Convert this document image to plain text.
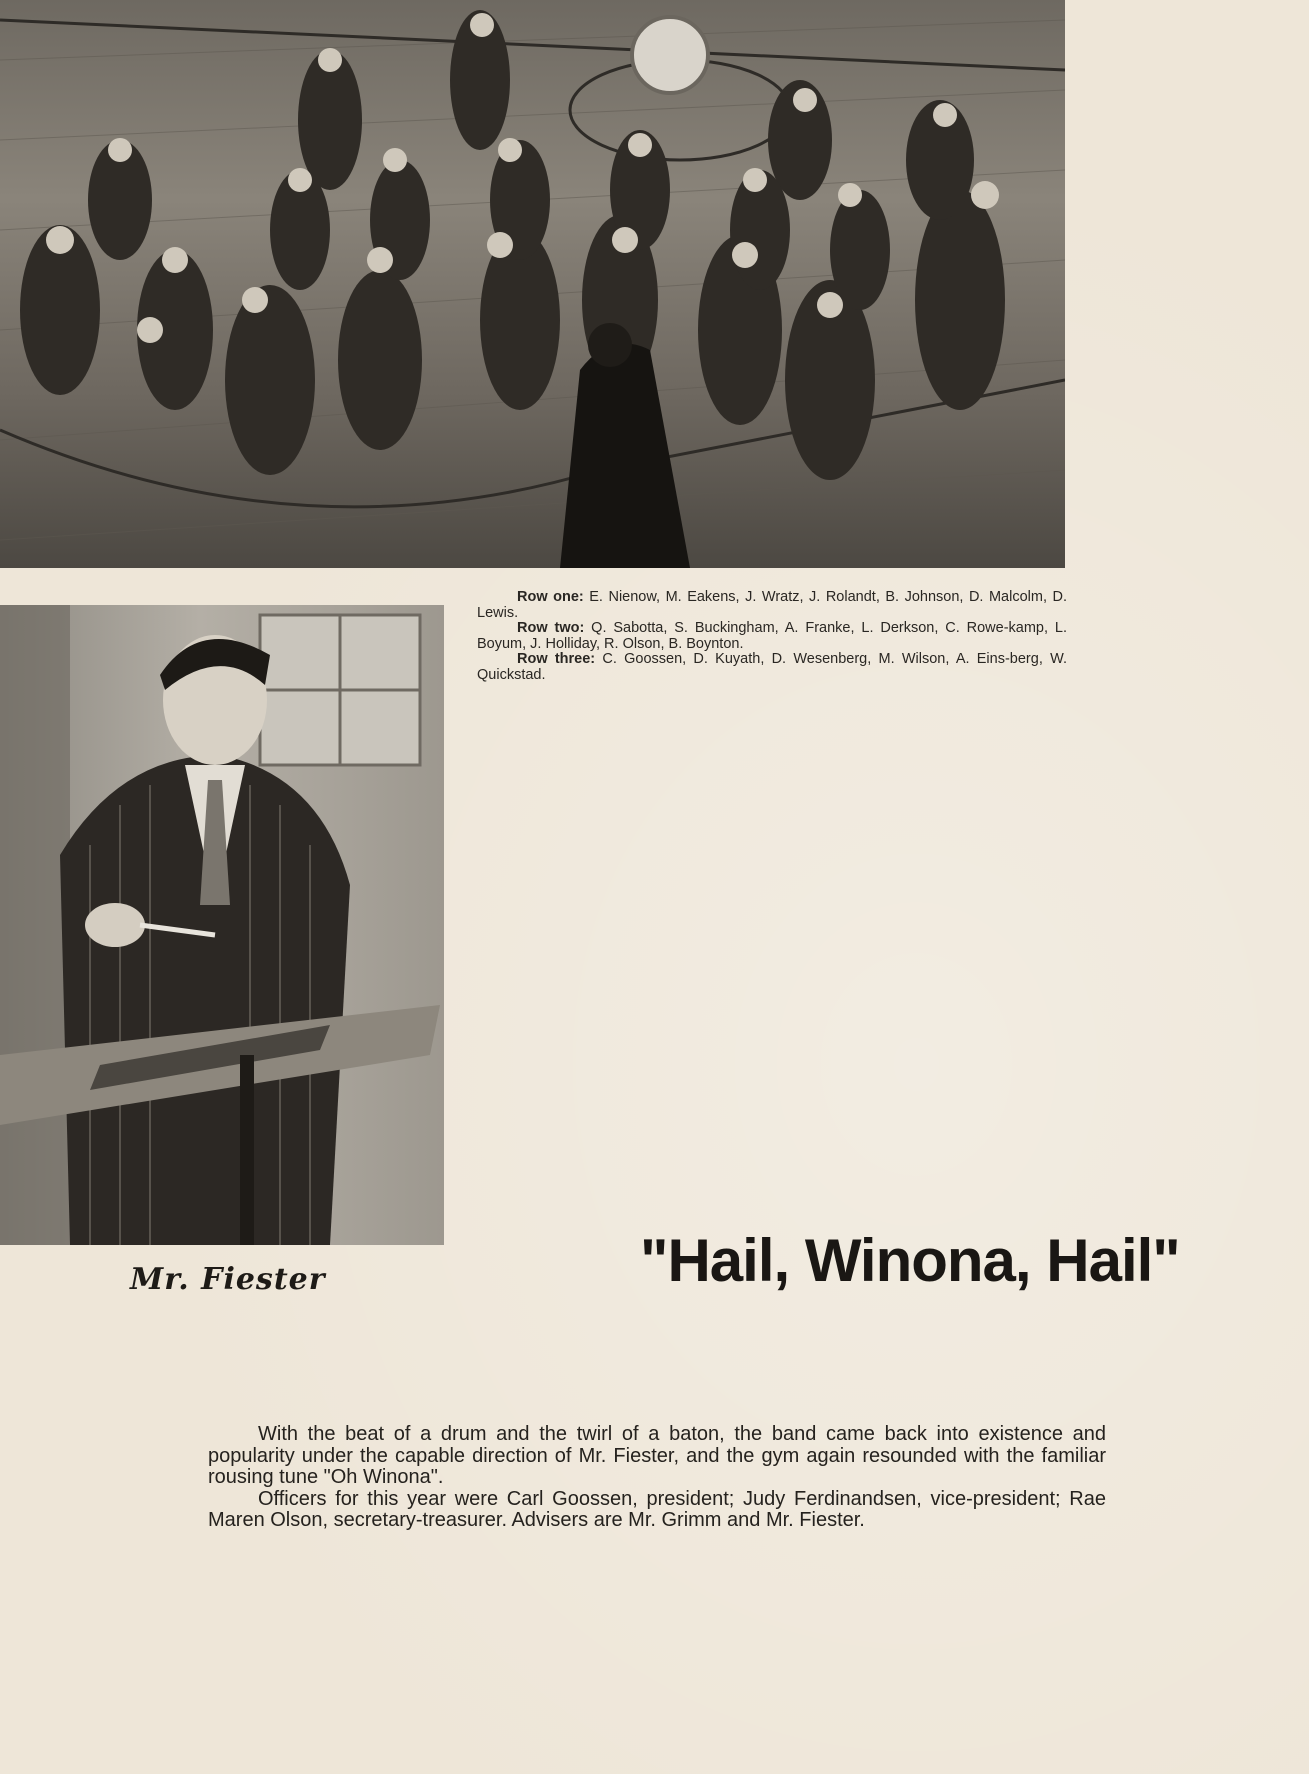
Row one: E. Nienow, M. Eakens, J. Wratz, J. Rolandt, B. Johnson, D. Malcolm, D. Lewis.

Row two: Q. Sabotta, S. Buckingham, A. Franke, L. Derkson, C. Rowe-kamp, L. Boyum, J. Holliday, R. Olson, B. Boynton.

Row three: C. Goossen, D. Kuyath, D. Wesenberg, M. Wilson, A. Eins-berg, W. Quickstad.

Mr. Fiester	"Hail, Winona, Hail"

With the beat of a drum and the twirl of a baton, the band came back into existence and popularity under the capable direction of Mr. Fiester, and the gym again resounded with the familiar rousing tune "Oh Winona".

Officers for this year were Carl Goossen, president; Judy Ferdinandsen, vice-president; Rae Maren Olson, secretary-treasurer. Advisers are Mr. Grimm and Mr. Fiester.
